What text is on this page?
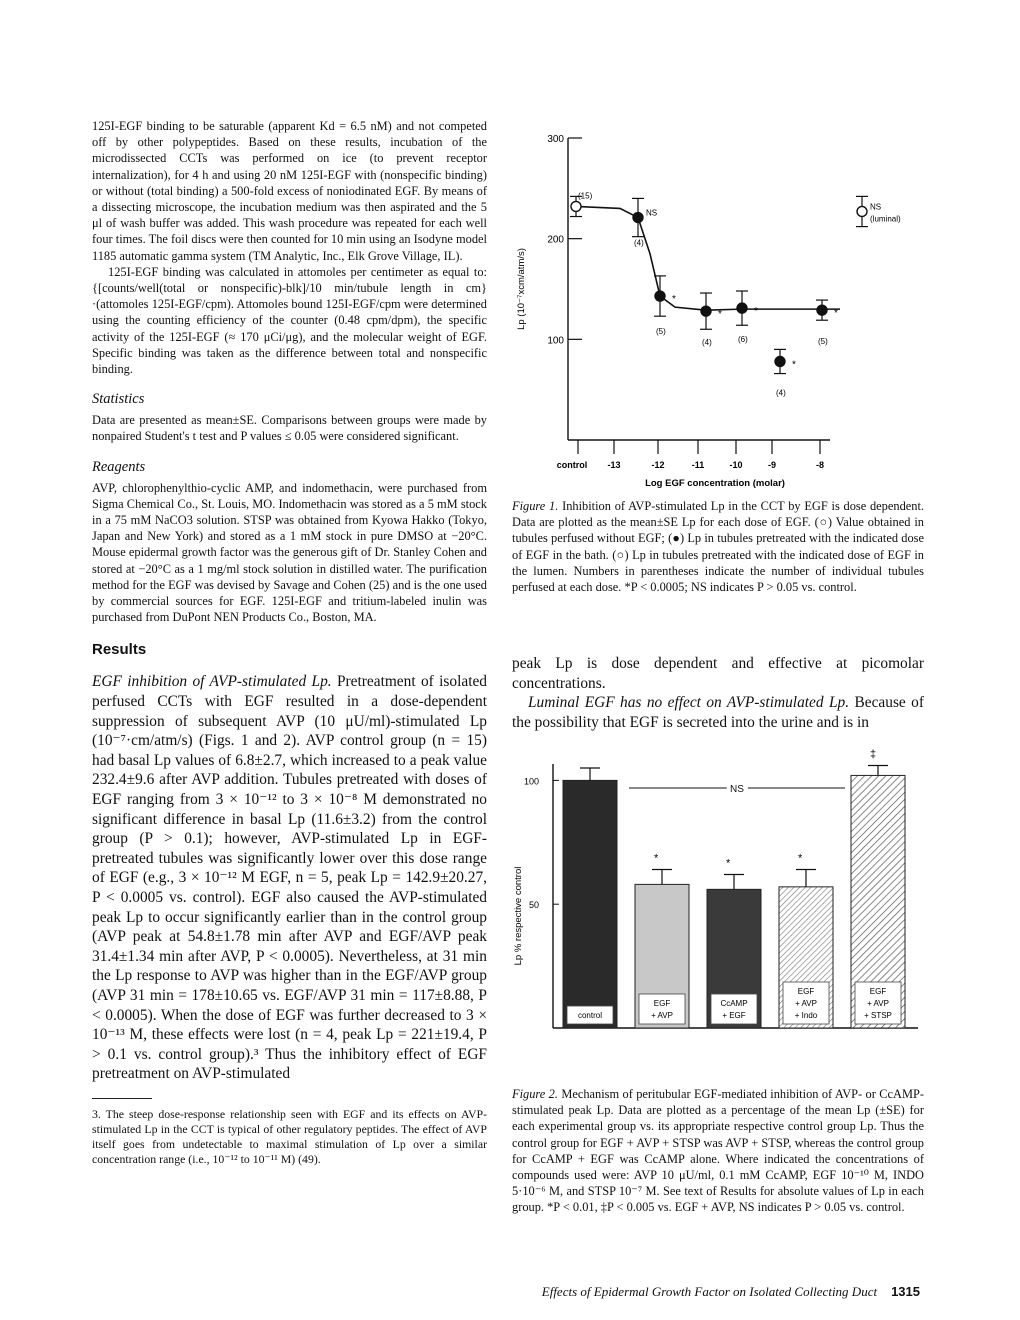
125I-EGF binding to be saturable (apparent Kd = 6.5 nM) and not competed off by other polypeptides. Based on these results, incubation of the microdissected CCTs was performed on ice (to prevent receptor internalization), for 4 h and using 20 nM 125I-EGF with (nonspecific binding) or without (total binding) a 500-fold excess of noniodinated EGF. By means of a dissecting microscope, the incubation medium was then aspirated and the 5 μl of wash buffer was added. This wash procedure was repeated for each well four times. The foil discs were then counted for 10 min using an Isodyne model 1185 automatic gamma system (TM Analytic, Inc., Elk Grove Village, IL).

125I-EGF binding was calculated in attomoles per centimeter as equal to: {[counts/well(total or nonspecific)-blk]/10 min/tubule length in cm}·(attomoles 125I-EGF/cpm). Attomoles bound 125I-EGF/cpm were determined using the counting efficiency of the counter (0.48 cpm/dpm), the specific activity of the 125I-EGF (≈ 170 μCi/μg), and the molecular weight of EGF. Specific binding was taken as the difference between total and nonspecific binding.

Statistics

Data are presented as mean±SE. Comparisons between groups were made by nonpaired Student's t test and P values ≤ 0.05 were considered significant.

Reagents

AVP, chlorophenylthio-cyclic AMP, and indomethacin, were purchased from Sigma Chemical Co., St. Louis, MO. Indomethacin was stored as a 5 mM stock in a 75 mM NaCO3 solution. STSP was obtained from Kyowa Hakko (Tokyo, Japan and New York) and stored as a 1 mM stock in pure DMSO at −20°C. Mouse epidermal growth factor was the generous gift of Dr. Stanley Cohen and stored at −20°C as a 1 mg/ml stock solution in distilled water. The purification method for the EGF was devised by Savage and Cohen (25) and is the one used by commercial sources for EGF. 125I-EGF and tritium-labeled inulin was purchased from DuPont NEN Products Co., Boston, MA.

Results

EGF inhibition of AVP-stimulated Lp. Pretreatment of isolated perfused CCTs with EGF resulted in a dose-dependent suppression of subsequent AVP (10 μU/ml)-stimulated Lp (10⁻⁷·cm/atm/s) (Figs. 1 and 2). AVP control group (n = 15) had basal Lp values of 6.8±2.7, which increased to a peak value 232.4±9.6 after AVP addition. Tubules pretreated with doses of EGF ranging from 3 × 10⁻¹² to 3 × 10⁻⁸ M demonstrated no significant difference in basal Lp (11.6±3.2) from the control group (P > 0.1); however, AVP-stimulated Lp in EGF-pretreated tubules was significantly lower over this dose range of EGF (e.g., 3 × 10⁻¹² M EGF, n = 5, peak Lp = 142.9±20.27, P < 0.0005 vs. control). EGF also caused the AVP-stimulated peak Lp to occur significantly earlier than in the control group (AVP peak at 54.8±1.78 min after AVP and EGF/AVP peak 31.4±1.34 min after AVP, P < 0.0005). Nevertheless, at 31 min the Lp response to AVP was higher than in the EGF/AVP group (AVP 31 min = 178±10.65 vs. EGF/AVP 31 min = 117±8.88, P < 0.0005). When the dose of EGF was further decreased to 3 × 10⁻¹³ M, these effects were lost (n = 4, peak Lp = 221±19.4, P > 0.1 vs. control group).³ Thus the inhibitory effect of EGF pretreatment on AVP-stimulated

3. The steep dose-response relationship seen with EGF and its effects on AVP-stimulated Lp in the CCT is typical of other regulatory peptides. The effect of AVP itself goes from undetectable to maximal stimulation of Lp over a similar concentration range (i.e., 10⁻¹² to 10⁻¹¹ M) (49).

100
200
300
control -13	-12	-11	-10	-9	-8
Log EGF concentration (molar)
Lp (10⁻⁷xcm/atm/s)
(15)
(4)
NS
(5)
*
(4)
*
(6)
*
(4)
*
(5)
*
NS
(luminal)

Figure 1. Inhibition of AVP-stimulated Lp in the CCT by EGF is dose dependent. Data are plotted as the mean±SE Lp for each dose of EGF. (○) Value obtained in tubules perfused without EGF; (●) Lp in tubules pretreated with the indicated dose of EGF in the bath. (○) Lp in tubules pretreated with the indicated dose of EGF in the lumen. Numbers in parentheses indicate the number of individual tubules perfused at each dose. *P < 0.0005; NS indicates P > 0.05 vs. control.

peak Lp is dose dependent and effective at picomolar concentrations.

Luminal EGF has no effect on AVP-stimulated Lp. Because of the possibility that EGF is secreted into the urine and is in

50
100
Lp % respective control
control
*
EGF
+ AVP
*
CcAMP
+ EGF
*
EGF
+ AVP
+ Indo
‡
EGF
+ AVP
+ STSP
NS

Figure 2. Mechanism of peritubular EGF-mediated inhibition of AVP- or CcAMP-stimulated peak Lp. Data are plotted as a percentage of the mean Lp (±SE) for each experimental group vs. its appropriate respective control group Lp. Thus the control group for EGF + AVP + STSP was AVP + STSP, whereas the control group for CcAMP + EGF was CcAMP alone. Where indicated the concentrations of compounds used were: AVP 10 μU/ml, 0.1 mM CcAMP, EGF 10⁻¹⁰ M, INDO 5·10⁻⁶ M, and STSP 10⁻⁷ M. See text of Results for absolute values of Lp in each group. *P < 0.01, ‡P < 0.005 vs. EGF + AVP, NS indicates P > 0.05 vs. control.

Effects of Epidermal Growth Factor on Isolated Collecting Duct 1315
